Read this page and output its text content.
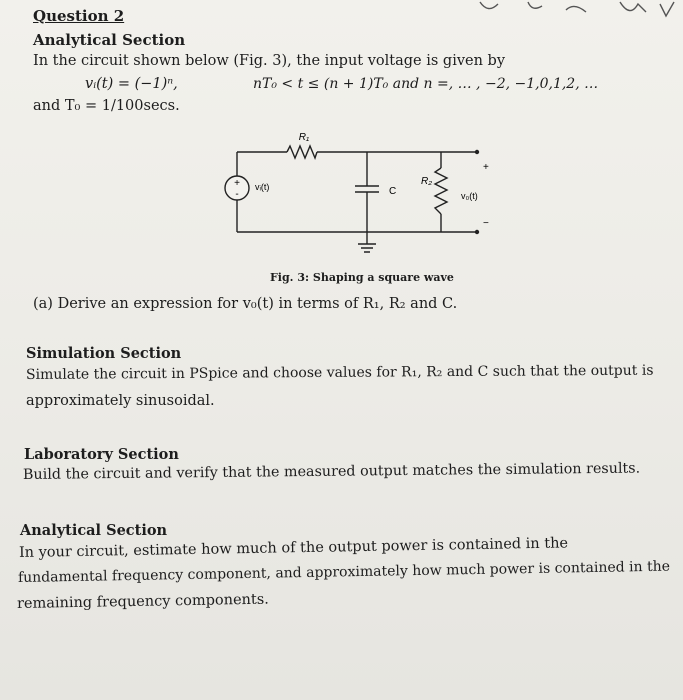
Question 2
Analytical Section
In the circuit shown below (Fig. 3), the input voltage is given by
vᵢ(t) = (−1)ⁿ,	nT₀ < t ≤ (n + 1)T₀ and n =, … , −2, −1,0,1,2, …
and T₀ = 1/100secs.
R₁
R₂
C
vᵢ(t)
v₀(t)
+
-
+
−
Fig. 3: Shaping a square wave
(a) Derive an expression for v₀(t) in terms of R₁, R₂ and C.
Simulation Section
Simulate the circuit in PSpice and choose values for R₁, R₂ and C such that the output is
approximately sinusoidal.
Laboratory Section
Build the circuit and verify that the measured output matches the simulation results.
Analytical Section
In your circuit, estimate how much of the output power is contained in the
fundamental frequency component, and approximately how much power is contained in the
remaining frequency components.
